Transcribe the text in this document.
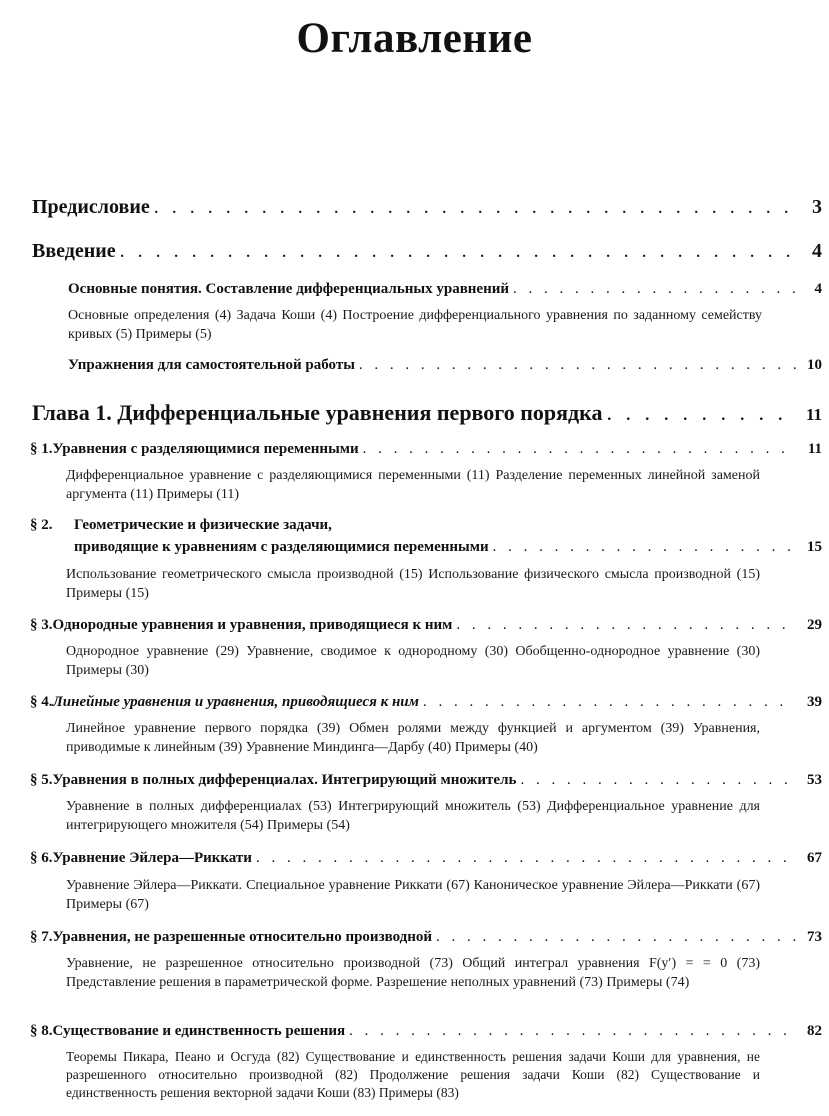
Оглавление
Предисловие . . .	3
Введение . . .	4
Основные понятия. Составление дифференциальных уравнений . . .	4
Основные определения (4) Задача Коши (4) Построение дифференциального уравнения по заданному семейству кривых (5) Примеры (5)
Упражнения для самостоятельной работы . . .	10
Глава 1. Дифференциальные уравнения первого порядка . . .	11
§ 1. Уравнения с разделяющимися переменными . . .	11
Дифференциальное уравнение с разделяющимися переменными (11) Разделение переменных линейной заменой аргумента (11) Примеры (11)
§ 2.	Геометрические и физические задачи,
приводящие к уравнениям с разделяющимися переменными . . .	15
Использование геометрического смысла производной (15) Использование физического смысла производной (15) Примеры (15)
§ 3. Однородные уравнения и уравнения, приводящиеся к ним . . .	29
Однородное уравнение (29) Уравнение, сводимое к однородному (30) Обобщенно-однородное уравнение (30) Примеры (30)
§ 4. Линейные уравнения и уравнения, приводящиеся к ним . . .	39
Линейное уравнение первого порядка (39) Обмен ролями между функцией и аргументом (39) Уравнения, приводимые к линейным (39) Уравнение Миндинга—Дарбу (40) Примеры (40)
§ 5. Уравнения в полных дифференциалах. Интегрирующий множитель . . .	53
Уравнение в полных дифференциалах (53) Интегрирующий множитель (53) Дифференциальное уравнение для интегрирующего множителя (54) Примеры (54)
§ 6. Уравнение Эйлера—Риккати . . .	67
Уравнение Эйлера—Риккати. Специальное уравнение Риккати (67) Каноническое уравнение Эйлера—Риккати (67) Примеры (67)
§ 7. Уравнения, не разрешенные относительно производной . . .	73
Уравнение, не разрешенное относительно производной (73) Общий интеграл уравнения F(y′) = = 0 (73) Представление решения в параметрической форме. Разрешение неполных уравнений (73) Примеры (74)
§ 8. Существование и единственность решения . . .	82
Теоремы Пикара, Пеано и Осгуда (82) Существование и единственность решения задачи Коши для уравнения, не разрешенного относительно производной (82) Продолжение решения задачи Коши (82) Существование и единственность решения векторной задачи Коши (83) Примеры (83)
